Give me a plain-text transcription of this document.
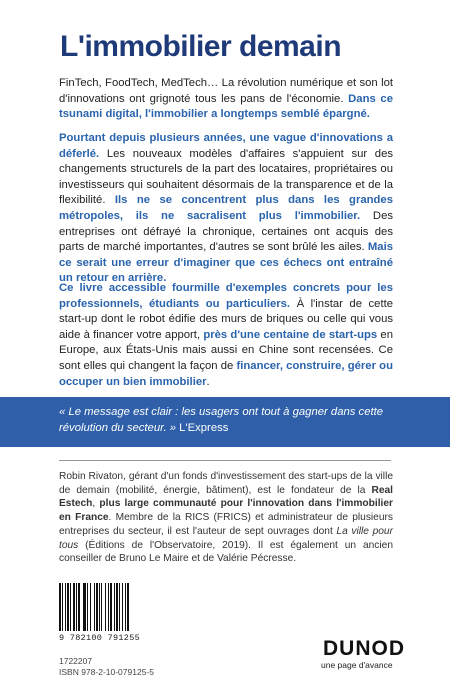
L'immobilier demain

FinTech, FoodTech, MedTech… La révolution numérique et son lot d'innovations ont grignoté tous les pans de l'économie. Dans ce tsunami digital, l'immobilier a longtemps semblé épargné.

Pourtant depuis plusieurs années, une vague d'innovations a déferlé. Les nouveaux modèles d'affaires s'appuient sur des changements structurels de la part des locataires, propriétaires ou investisseurs qui souhaitent désormais de la transparence et de la flexibilité. Ils ne se concentrent plus dans les grandes métropoles, ils ne sacralisent plus l'immobilier. Des entreprises ont défrayé la chronique, certaines ont acquis des parts de marché importantes, d'autres se sont brûlé les ailes. Mais ce serait une erreur d'imaginer que ces échecs ont entraîné un retour en arrière.

Ce livre accessible fourmille d'exemples concrets pour les professionnels, étudiants ou particuliers. À l'instar de cette start-up dont le robot édifie des murs de briques ou celle qui vous aide à financer votre apport, près d'une centaine de start-ups en Europe, aux États-Unis mais aussi en Chine sont recensées. Ce sont elles qui changent la façon de financer, construire, gérer ou occuper un bien immobilier.

« Le message est clair : les usagers ont tout à gagner dans cette révolution du secteur. » L'Express

Robin Rivaton, gérant d'un fonds d'investissement des start-ups de la ville de demain (mobilité, énergie, bâtiment), est le fondateur de la Real Estech, plus large communauté pour l'innovation dans l'immobilier en France. Membre de la RICS (FRICS) et administrateur de plusieurs entreprises du secteur, il est l'auteur de sept ouvrages dont La ville pour tous (Éditions de l'Observatoire, 2019). Il est également un ancien conseiller de Bruno Le Maire et de Valérie Pécresse.

9 782100 791255
1722207
ISBN 978-2-10-079125-5
DUNOD
une page d'avance
